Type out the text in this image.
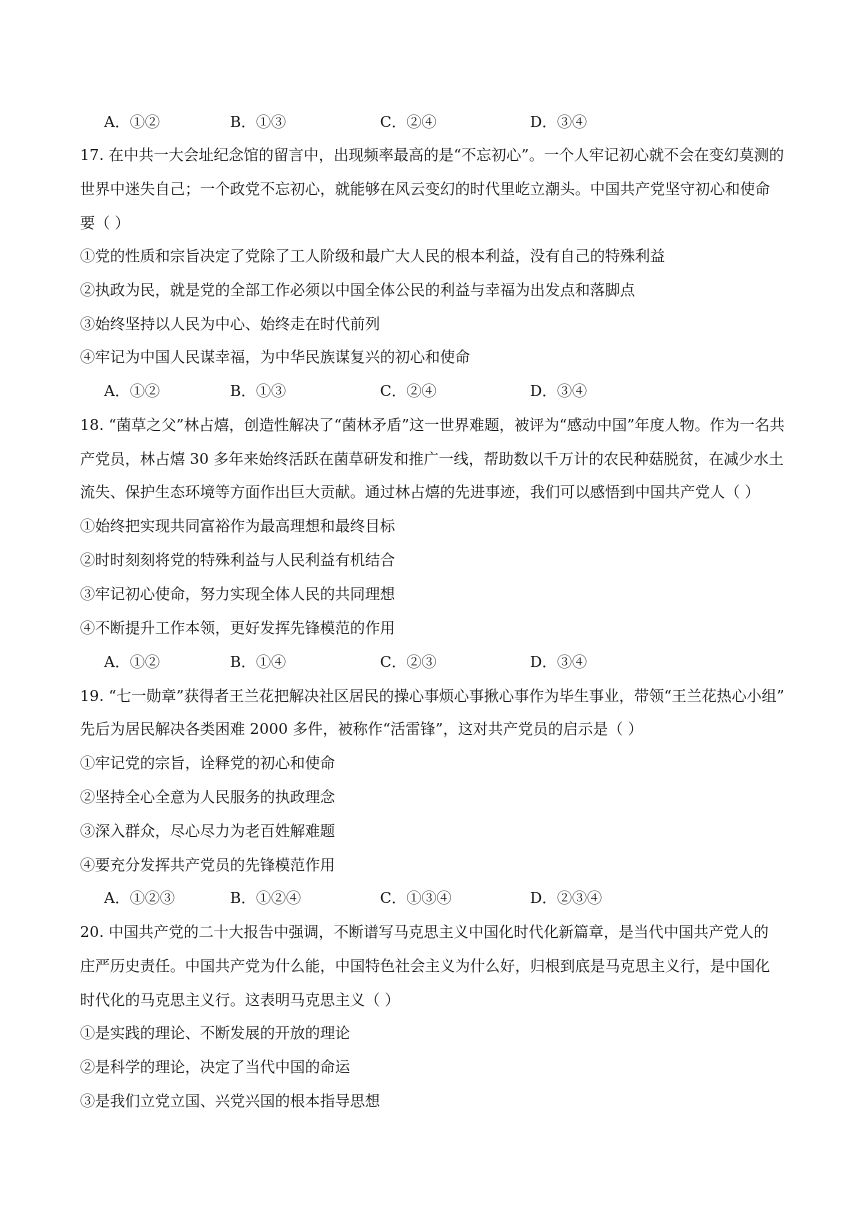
A．①②	B．①③	C．②④	D．③④
17. 在中共一大会址纪念馆的留言中，出现频率最高的是“不忘初心”。一个人牢记初心就不会在变幻莫测的
世界中迷失自己；一个政党不忘初心，就能够在风云变幻的时代里屹立潮头。中国共产党坚守初心和使命
要（ ）
①党的性质和宗旨决定了党除了工人阶级和最广大人民的根本利益，没有自己的特殊利益
②执政为民，就是党的全部工作必须以中国全体公民的利益与幸福为出发点和落脚点
③始终坚持以人民为中心、始终走在时代前列
④牢记为中国人民谋幸福，为中华民族谋复兴的初心和使命
A．①②	B．①③	C．②④	D．③④
18. “菌草之父”林占熺，创造性解决了“菌林矛盾”这一世界难题，被评为“感动中国”年度人物。作为一名共
产党员，林占熺 30 多年来始终活跃在菌草研发和推广一线，帮助数以千万计的农民种菇脱贫，在减少水土
流失、保护生态环境等方面作出巨大贡献。通过林占熺的先进事迹，我们可以感悟到中国共产党人（ ）
①始终把实现共同富裕作为最高理想和最终目标
②时时刻刻将党的特殊利益与人民利益有机结合
③牢记初心使命，努力实现全体人民的共同理想
④不断提升工作本领，更好发挥先锋模范的作用
A．①②	B．①④	C．②③	D．③④
19. “七一勋章”获得者王兰花把解决社区居民的操心事烦心事揪心事作为毕生事业，带领“王兰花热心小组”
先后为居民解决各类困难 2000 多件，被称作“活雷锋”，这对共产党员的启示是（ ）
①牢记党的宗旨，诠释党的初心和使命
②坚持全心全意为人民服务的执政理念
③深入群众，尽心尽力为老百姓解难题
④要充分发挥共产党员的先锋模范作用
A．①②③	B．①②④	C．①③④	D．②③④
20. 中国共产党的二十大报告中强调，不断谱写马克思主义中国化时代化新篇章，是当代中国共产党人的
庄严历史责任。中国共产党为什么能，中国特色社会主义为什么好，归根到底是马克思主义行，是中国化
时代化的马克思主义行。这表明马克思主义（ ）
①是实践的理论、不断发展的开放的理论
②是科学的理论，决定了当代中国的命运
③是我们立党立国、兴党兴国的根本指导思想
